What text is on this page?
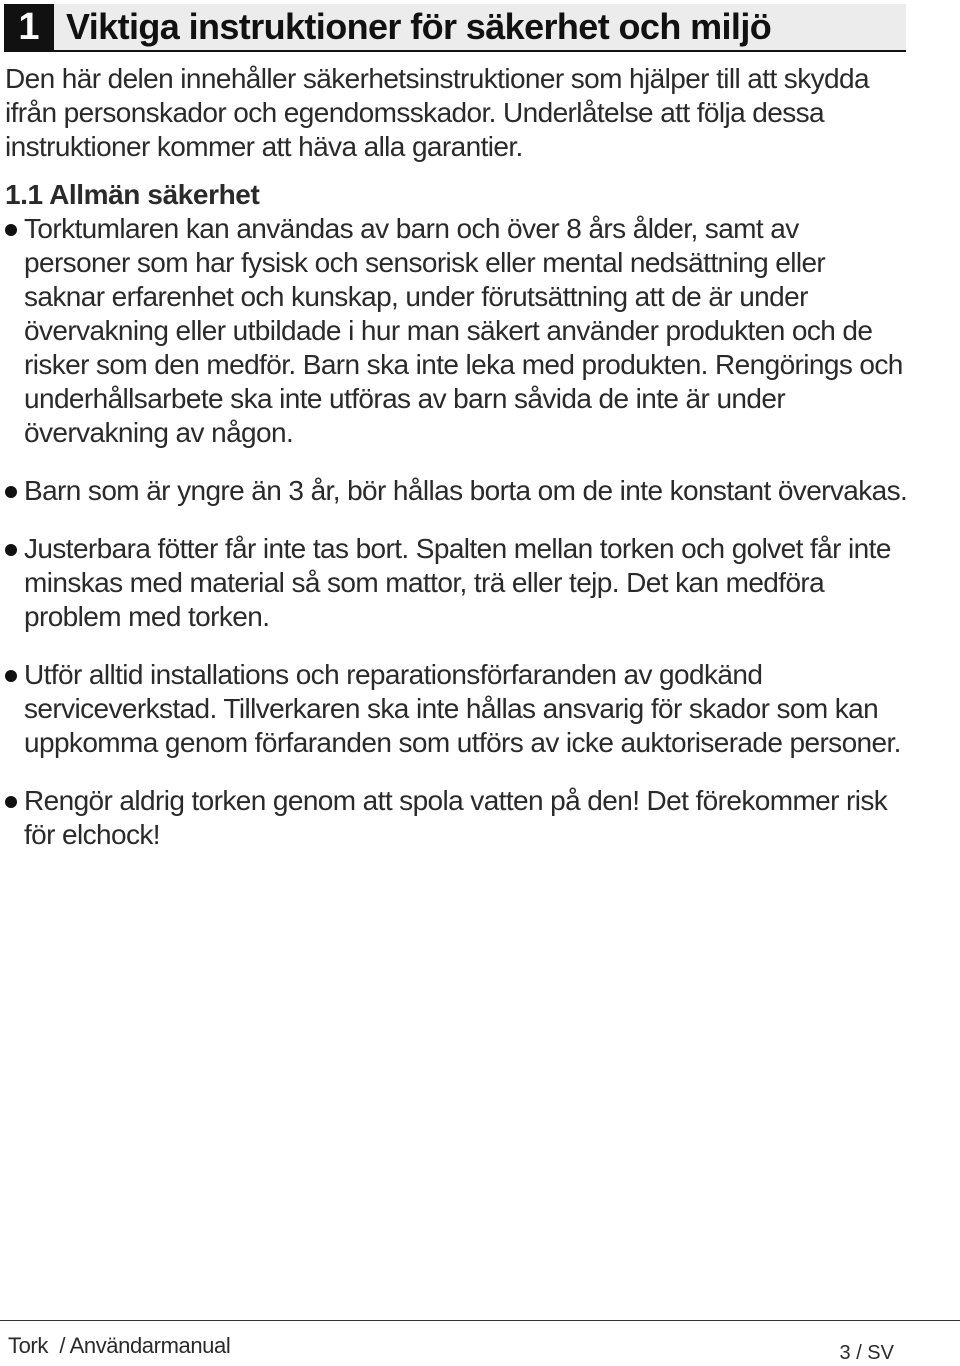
1 Viktiga instruktioner för säkerhet och miljö

Den här delen innehåller säkerhetsinstruktioner som hjälper till att skydda ifrån personskador och egendomsskador. Underlåtelse att följa dessa instruktioner kommer att häva alla garantier.

1.1 Allmän säkerhet
Torktumlaren kan användas av barn och över 8 års ålder, samt av personer som har fysisk och sensorisk eller mental nedsättning eller saknar erfarenhet och kunskap, under förutsättning att de är under övervakning eller utbildade i hur man säkert använder produkten och de risker som den medför. Barn ska inte leka med produkten. Rengörings och underhållsarbete ska inte utföras av barn såvida de inte är under övervakning av någon.
Barn som är yngre än 3 år, bör hållas borta om de inte konstant övervakas.
Justerbara fötter får inte tas bort. Spalten mellan torken och golvet får inte minskas med material så som mattor, trä eller tejp. Det kan medföra problem med torken.
Utför alltid installations och reparationsförfaranden av godkänd serviceverkstad. Tillverkaren ska inte hållas ansvarig för skador som kan uppkomma genom förfaranden som utförs av icke auktoriserade personer.
Rengör aldrig torken genom att spola vatten på den! Det förekommer risk för elchock!
Tork  / Användarmanual	3 / SV
